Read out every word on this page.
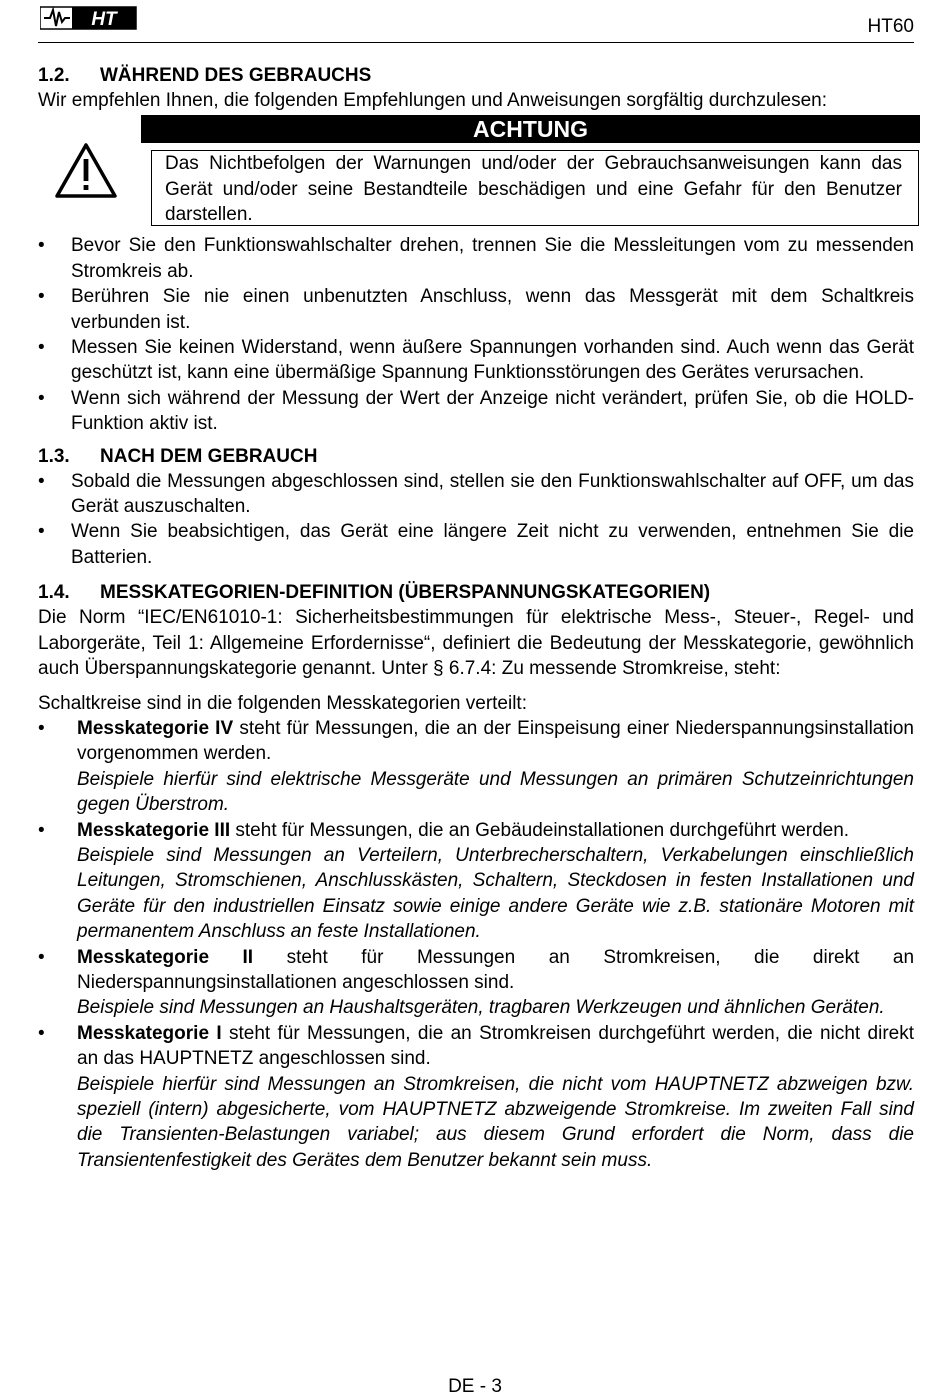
HT	HT60
1.2. WÄHREND DES GEBRAUCHS

Wir empfehlen Ihnen, die folgenden Empfehlungen und Anweisungen sorgfältig durchzulesen:

ACHTUNG
Das Nichtbefolgen der Warnungen und/oder der Gebrauchsanweisungen kann das Gerät und/oder seine Bestandteile beschädigen und eine Gefahr für den Benutzer darstellen.
• Bevor Sie den Funktionswahlschalter drehen, trennen Sie die Messleitungen vom zu messenden Stromkreis ab.
• Berühren Sie nie einen unbenutzten Anschluss, wenn das Messgerät mit dem Schaltkreis verbunden ist.
• Messen Sie keinen Widerstand, wenn äußere Spannungen vorhanden sind. Auch wenn das Gerät geschützt ist, kann eine übermäßige Spannung Funktionsstörungen des Gerätes verursachen.
• Wenn sich während der Messung der Wert der Anzeige nicht verändert, prüfen Sie, ob die HOLD-Funktion aktiv ist.
1.3. NACH DEM GEBRAUCH
• Sobald die Messungen abgeschlossen sind, stellen sie den Funktionswahlschalter auf OFF, um das Gerät auszuschalten.
• Wenn Sie beabsichtigen, das Gerät eine längere Zeit nicht zu verwenden, entnehmen Sie die Batterien.
1.4. MESSKATEGORIEN-DEFINITION (ÜBERSPANNUNGSKATEGORIEN)

Die Norm “IEC/EN61010-1: Sicherheitsbestimmungen für elektrische Mess-, Steuer-, Regel- und Laborgeräte, Teil 1: Allgemeine Erfordernisse“, definiert die Bedeutung der Messkategorie, gewöhnlich auch Überspannungskategorie genannt. Unter § 6.7.4: Zu messende Stromkreise, steht:

Schaltkreise sind in die folgenden Messkategorien verteilt:

• Messkategorie IV steht für Messungen, die an der Einspeisung einer Niederspannungsinstallation vorgenommen werden.
Beispiele hierfür sind elektrische Messgeräte und Messungen an primären Schutzeinrichtungen gegen Überstrom.
• Messkategorie III steht für Messungen, die an Gebäudeinstallationen durchgeführt werden.
Beispiele sind Messungen an Verteilern, Unterbrecherschaltern, Verkabelungen einschließlich Leitungen, Stromschienen, Anschlusskästen, Schaltern, Steckdosen in festen Installationen und Geräte für den industriellen Einsatz sowie einige andere Geräte wie z.B. stationäre Motoren mit permanentem Anschluss an feste Installationen.
• Messkategorie II steht für Messungen an Stromkreisen, die direkt an Niederspannungsinstallationen angeschlossen sind.
Beispiele sind Messungen an Haushaltsgeräten, tragbaren Werkzeugen und ähnlichen Geräten.
• Messkategorie I steht für Messungen, die an Stromkreisen durchgeführt werden, die nicht direkt an das HAUPTNETZ angeschlossen sind.
Beispiele hierfür sind Messungen an Stromkreisen, die nicht vom HAUPTNETZ abzweigen bzw. speziell (intern) abgesicherte, vom HAUPTNETZ abzweigende Stromkreise. Im zweiten Fall sind die Transienten-Belastungen variabel; aus diesem Grund erfordert die Norm, dass die Transientenfestigkeit des Gerätes dem Benutzer bekannt sein muss.
DE - 3
